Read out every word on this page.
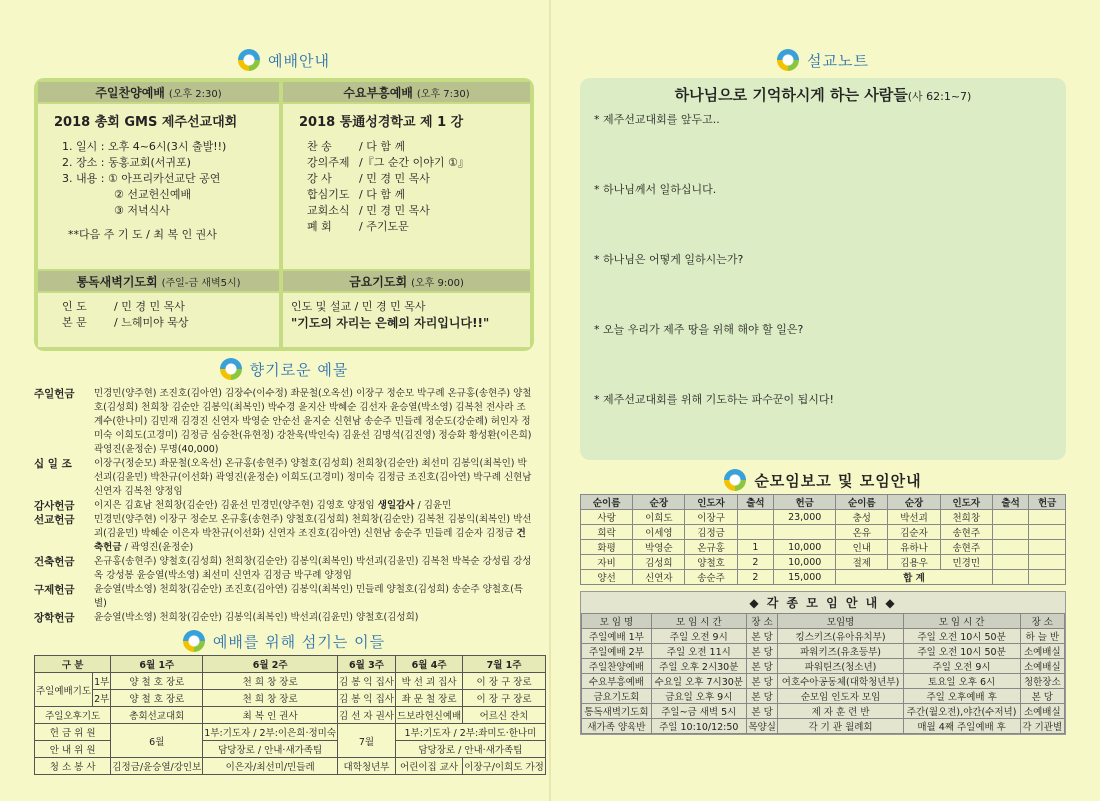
예배안내
주일찬양예배 (오후 2:30)	수요부흥예배 (오후 7:30)
2018 총회 GMS 제주선교대회
1. 일시 : 오후 4~6시(3시 출발!!)
2. 장소 : 동홍교회(서귀포)
3. 내용 : ① 아프리카선교단 공연
② 선교헌신예배
③ 저녁식사
**다음 주 기 도 / 최 복 인 권사
2018 통通성경학교 제 1 강
찬 송 / 다 함 께
강의주제 /『그 순간 이야기 ①』
강 사 / 민 경 민 목사
합심기도 / 다 함 께
교회소식 / 민 경 민 목사
폐 회 / 주기도문
통독새벽기도회 (주일-금 새벽5시)	금요기도회 (오후 9:00)
인 도 / 민 경 민 목사
본 문 / 느헤미야 묵상
인도 및 설교 / 민 경 민 목사
"기도의 자리는 은혜의 자리입니다!!"
향기로운 예물
주일헌금	민경민(양주현) 조진호(김아연) 김장수(이수정) 좌문철(오옥선) 이장구 정순모 박구례 온규홍(송현주) 양철호(김성희) 천희창 김순안 김봉익(최복인) 박수경 윤지산 박혜순 김선자 윤승열(박소영) 김복천 전사라 조계수(한나미) 김민재 김경진 신연자 박영순 안순선 윤지순 신현남 송순주 민들레 정순도(강순례) 허인자 정미숙 이희도(고경미) 김정금 심승찬(유현정) 강찬욱(박인숙) 김윤선 김명석(김진영) 정승화 황성환(이은희) 곽영진(윤정순) 무명(40,000)
십 일 조	이장구(정순모) 좌문철(오옥선) 온규홍(송현주) 양철호(김성희) 천희창(김순안) 최선미 김봉익(최복인) 박선괴(김윤민) 박찬규(이선화) 곽영진(윤정순) 이희도(고경미) 정미숙 김정금 조진호(김아연) 박구례 신현남 신연자 김복천 양정임
감사헌금	이지은 김효남 천희창(김순안) 김윤선 민경민(양주현) 김영호 양정임 생일감사 / 김윤민
선교헌금	민경민(양주현) 이장구 정순모 온규홍(송현주) 양철호(김성희) 천희창(김순안) 김복천 김봉익(최복인) 박선괴(김윤민) 박혜순 이은자 박찬규(이선화) 신연자 조진호(김아연) 신현남 송순주 민들레 김순자 김정금 건축헌금 / 곽영진(윤정순)
건축헌금	온규홍(송현주) 양철호(김성희) 천희창(김순안) 김봉익(최복인) 박선괴(김윤민) 김복천 박복순 강성립 강성옥 강성봉 윤승열(박소영) 최선미 신연자 김정금 박구례 양정임
구제헌금	윤승열(박소영) 천희창(김순안) 조진호(김아연) 김봉익(최복인) 민들레 양철호(김성희) 송순주 양철호(특별)
장학헌금	윤승열(박소영) 천희창(김순안) 김봉익(최복인) 박선괴(김윤민) 양철호(김성희)
예배를 위해 섬기는 이들
구 분		6월 1주	6월 2주	6월 3주	6월 4주	7월 1주
주일예배기도	1부	양 철 호 장로	천 희 창 장로	김 봉 익 집사	박 선 괴 집사	이 장 구 장로
	2부	양 철 호 장로	천 희 창 장로	김 봉 익 집사	좌 문 철 장로	이 장 구 장로
주일오후기도		총회선교대회	최 복 인 권사	김 선 자 권사	드보라헌신예배	어르신 잔치
헌 금 위 원		6월	1부:기도자 / 2부:이은희·정미숙	7월	1부:기도자 / 2부:좌미도·한나미	
안 내 위 원			담당장로 / 안내·새가족팀		담당장로 / 안내·새가족팀	
청 소 봉 사		김정금/윤승열/강인보	이은자/최선미/민들레	대학청년부	어린이집 교사	이장구/이희도 가정
설교노트
하나님으로 기억하시게 하는 사람들(사 62:1~7)
* 제주선교대회를 앞두고..
* 하나님께서 일하십니다.
* 하나님은 어떻게 일하시는가?
* 오늘 우리가 제주 땅을 위해 해야 할 일은?
* 제주선교대회를 위해 기도하는 파수꾼이 됩시다!
순모임보고 및 모임안내
순이름	순장	인도자	출석	헌금	순이름	순장	인도자	출석	헌금
사랑	이희도	이장구		23,000	충성	박선괴	천희창		
희락	이세영	김정금			온유	김순자	송현주		
화평	박영순	온규홍	1	10,000	인내	유하나	송현주		
자비	김성희	양철호	2	10,000	절제	김용우	민경민		
양선	신연자	송순주	2	15,000	합 계				
◆ 각 종 모 임 안 내 ◆
모 임 명	모 임 시 간	장 소	모임명	모 임 시 간	장 소
주일예배 1부	주일 오전 9시	본 당	킹스키즈(유아유치부)	주일 오전 10시 50분	하 늘 반
주일예배 2부	주일 오전 11시	본 당	파워키즈(유초등부)	주일 오전 10시 50분	소예배실
주일찬양예배	주일 오후 2시30분	본 당	파워틴즈(청소년)	주일 오전 9시	소예배실
수요부흥예배	수요일 오후 7시30분	본 당	여호수아공동체(대학청년부)	토요일 오후 6시	청한장소
금요기도회	금요일 오후 9시	본 당	순모임 인도자 모임	주일 오후예배 후	본 당
통독새벽기도회	주일~금 새벽 5시	본 당	제 자 훈 련 반	주간(월오전),야간(수저녁)	소예배실
새가족 양육반	주일 10:10/12:50	목양실	각 기 관 월례회	매월 4째 주일예배 후	각 기관별
